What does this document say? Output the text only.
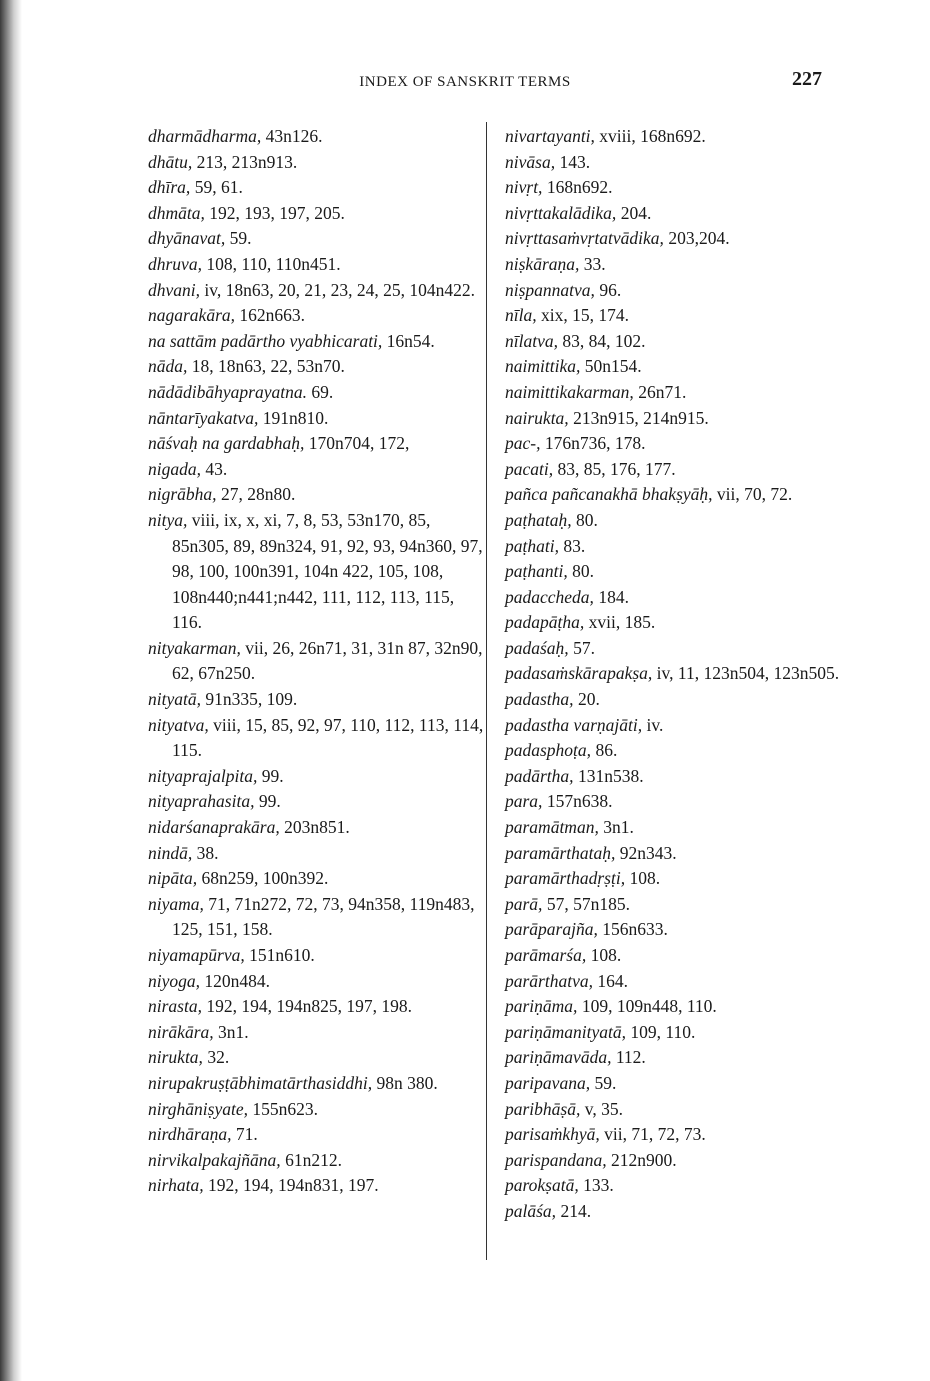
INDEX OF SANSKRIT TERMS	227
dharmādharma, 43n126.
dhātu, 213, 213n913.
dhīra, 59, 61.
dhmāta, 192, 193, 197, 205.
dhyānavat, 59.
dhruva, 108, 110, 110n451.
dhvani, iv, 18n63, 20, 21, 23, 24, 25, 104n422.
nagarakāra, 162n663.
na sattām padārtho vyabhicarati, 16n54.
nāda, 18, 18n63, 22, 53n70.
nādādibāhyaprayatna. 69.
nāntarīyakatva, 191n810.
nāśvaḥ na gardabhaḥ, 170n704, 172,
nigada, 43.
nigrābha, 27, 28n80.
nitya, viii, ix, x, xi, 7, 8, 53, 53n170, 85, 85n305, 89, 89n324, 91, 92, 93, 94n360, 97, 98, 100, 100n391, 104n 422, 105, 108, 108n440;n441;n442, 111, 112, 113, 115, 116.
nityakarman, vii, 26, 26n71, 31, 31n 87, 32n90, 62, 67n250.
nityatā, 91n335, 109.
nityatva, viii, 15, 85, 92, 97, 110, 112, 113, 114, 115.
nityaprajalpita, 99.
nityaprahasita, 99.
nidarśanaprakāra, 203n851.
nindā, 38.
nipāta, 68n259, 100n392.
niyama, 71, 71n272, 72, 73, 94n358, 119n483, 125, 151, 158.
niyamapūrva, 151n610.
niyoga, 120n484.
nirasta, 192, 194, 194n825, 197, 198.
nirākāra, 3n1.
nirukta, 32.
nirupakruṣṭābhimatārthasiddhi, 98n 380.
nirghāniṣyate, 155n623.
nirdhāraṇa, 71.
nirvikalpakajñāna, 61n212.
nirhata, 192, 194, 194n831, 197.
nivartayanti, xviii, 168n692.
nivāsa, 143.
nivṛt, 168n692.
nivṛttakalādika, 204.
nivṛttasaṁvṛtatvādika, 203,204.
niṣkāraṇa, 33.
niṣpannatva, 96.
nīla, xix, 15, 174.
nīlatva, 83, 84, 102.
naimittika, 50n154.
naimittikakarman, 26n71.
nairukta, 213n915, 214n915.
pac-, 176n736, 178.
pacati, 83, 85, 176, 177.
pañca pañcanakhā bhakṣyāḥ, vii, 70, 72.
paṭhataḥ, 80.
paṭhati, 83.
paṭhanti, 80.
padaccheda, 184.
padapāṭha, xvii, 185.
padaśaḥ, 57.
padasaṁskārapakṣa, iv, 11, 123n504, 123n505.
padastha, 20.
padastha varṇajāti, iv.
padasphoṭa, 86.
padārtha, 131n538.
para, 157n638.
paramātman, 3n1.
paramārthataḥ, 92n343.
paramārthadṛṣṭi, 108.
parā, 57, 57n185.
parāparajña, 156n633.
parāmarśa, 108.
parārthatva, 164.
pariṇāma, 109, 109n448, 110.
pariṇāmanityatā, 109, 110.
pariṇāmavāda, 112.
paripavana, 59.
paribhāṣā, v, 35.
parisaṁkhyā, vii, 71, 72, 73.
parispandana, 212n900.
parokṣatā, 133.
palāśa, 214.
